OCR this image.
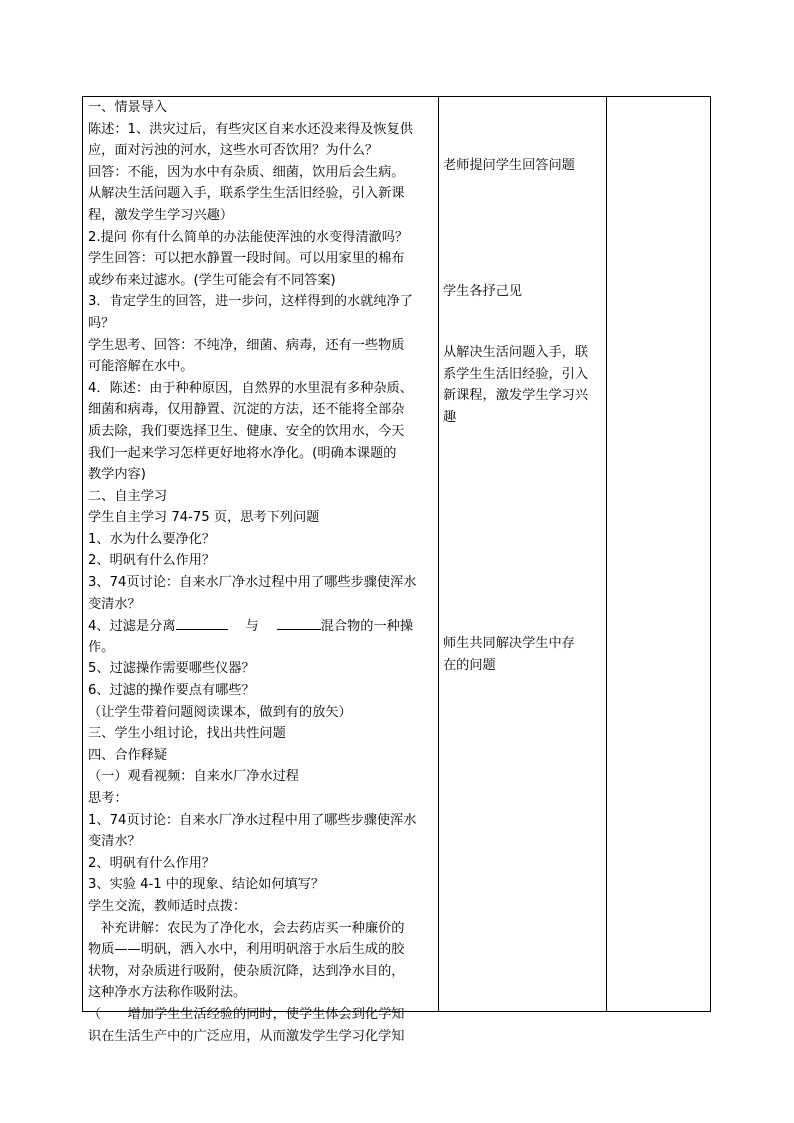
一、情景导入
陈述：1、洪灾过后，有些灾区自来水还没来得及恢复供
应，面对污浊的河水，这些水可否饮用？为什么？
回答：不能，因为水中有杂质、细菌，饮用后会生病。
从解决生活问题入手，联系学生生活旧经验，引入新课
程，激发学生学习兴趣）
2.提问 你有什么简单的办法能使浑浊的水变得清澈吗？
学生回答：可以把水静置一段时间。可以用家里的棉布
或纱布来过滤水。(学生可能会有不同答案)
3．肯定学生的回答，进一步问，这样得到的水就纯净了
吗？
学生思考、回答：不纯净，细菌、病毒，还有一些物质
可能溶解在水中。
4．陈述：由于种种原因，自然界的水里混有多种杂质、
细菌和病毒，仅用静置、沉淀的方法，还不能将全部杂
质去除，我们要选择卫生、健康、安全的饮用水，今天
我们一起来学习怎样更好地将水净化。(明确本课题的
教学内容)
二、自主学习
学生自主学习 74-75 页，思考下列问题
1、水为什么要净化？
2、明矾有什么作用？
3、74页讨论：自来水厂净水过程中用了哪些步骤使浑水
变清水？
4、过滤是分离	与	混合物的一种操
作。
5、过滤操作需要哪些仪器？
6、过滤的操作要点有哪些？
（让学生带着问题阅读课本，做到有的放矢）
三、学生小组讨论，找出共性问题
四、合作释疑
（一）观看视频：自来水厂净水过程
思考：
1、74页讨论：自来水厂净水过程中用了哪些步骤使浑水
变清水？
2、明矾有什么作用？
3、实验 4-1 中的现象、结论如何填写？
学生交流，教师适时点拨：
　补充讲解：农民为了净化水，会去药店买一种廉价的
物质——明矾，洒入水中，利用明矾溶于水后生成的胶
状物，对杂质进行吸附，使杂质沉降，达到净水目的，
这种净水方法称作吸附法。
（　　增加学生生活经验的同时，使学生体会到化学知
识在生活生产中的广泛应用，从而激发学生学习化学知
老师提问学生回答问题
学生各抒己见
从解决生活问题入手，联
系学生生活旧经验，引入
新课程，激发学生学习兴
趣
师生共同解决学生中存
在的问题
